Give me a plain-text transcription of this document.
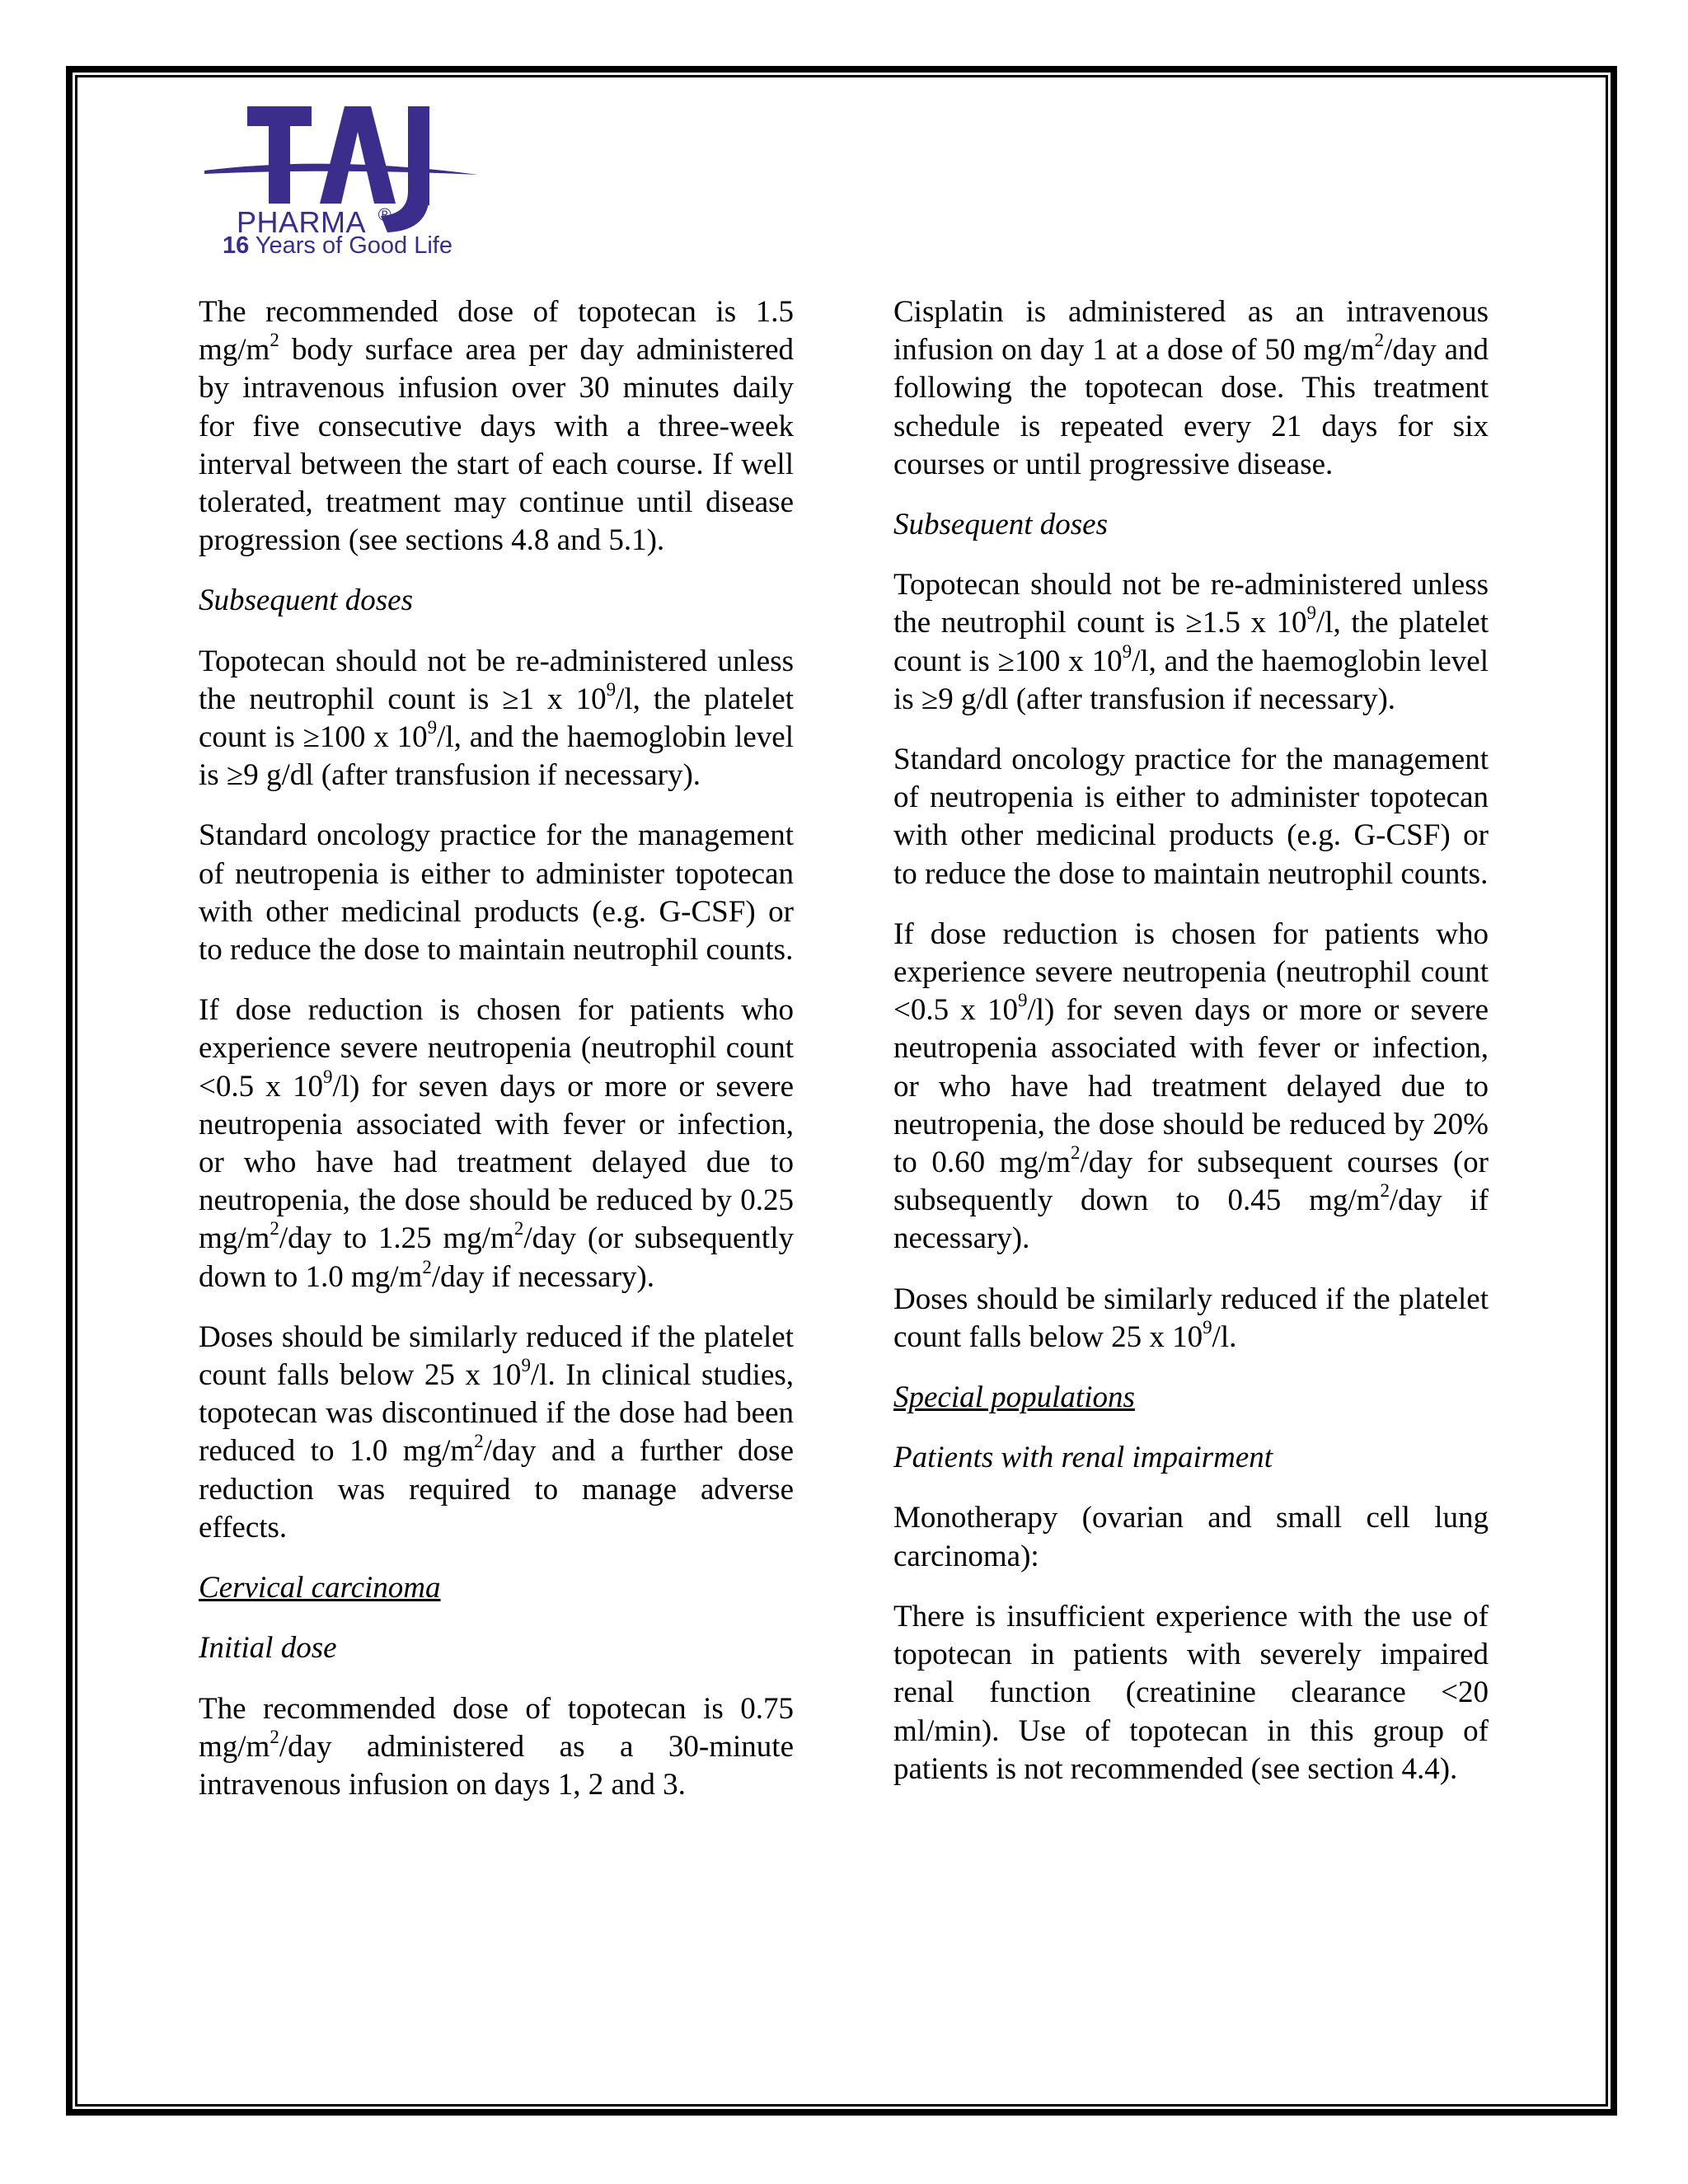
TAJ
PHARMA ®
16 Years of Good Life

The recommended dose of topotecan is 1.5 $mg/m^2$ body surface area per day administered by intravenous infusion over 30 minutes daily for five consecutive days with a three-week interval between the start of each course. If well tolerated, treatment may continue until disease progression (see sections 4.8 and 5.1).

Subsequent doses

Topotecan should not be re-administered unless the neutrophil count is ≥1 x $10^9/l$, the platelet count is ≥100 x $10^9/l$, and the haemoglobin level is ≥9 g/dl (after transfusion if necessary).

Standard oncology practice for the management of neutropenia is either to administer topotecan with other medicinal products (e.g. G-CSF) or to reduce the dose to maintain neutrophil counts.

If dose reduction is chosen for patients who experience severe neutropenia (neutrophil count <0.5 x $10^9/l$) for seven days or more or severe neutropenia associated with fever or infection, or who have had treatment delayed due to neutropenia, the dose should be reduced by 0.25 $mg/m^2$/day to 1.25 $mg/m^2$/day (or subsequently down to 1.0 $mg/m^2$/day if necessary).

Doses should be similarly reduced if the platelet count falls below 25 x $10^9/l$. In clinical studies, topotecan was discontinued if the dose had been reduced to 1.0 $mg/m^2$/day and a further dose reduction was required to manage adverse effects.

Cervical carcinoma

Initial dose

The recommended dose of topotecan is 0.75 $mg/m^2$/day administered as a 30-minute intravenous infusion on days 1, 2 and 3.

Cisplatin is administered as an intravenous infusion on day 1 at a dose of 50 $mg/m^2$/day and following the topotecan dose. This treatment schedule is repeated every 21 days for six courses or until progressive disease.

Subsequent doses

Topotecan should not be re-administered unless the neutrophil count is ≥1.5 x $10^9/l$, the platelet count is ≥100 x $10^9/l$, and the haemoglobin level is ≥9 g/dl (after transfusion if necessary).

Standard oncology practice for the management of neutropenia is either to administer topotecan with other medicinal products (e.g. G-CSF) or to reduce the dose to maintain neutrophil counts.

If dose reduction is chosen for patients who experience severe neutropenia (neutrophil count <0.5 x $10^9/l$) for seven days or more or severe neutropenia associated with fever or infection, or who have had treatment delayed due to neutropenia, the dose should be reduced by 20% to 0.60 $mg/m^2$/day for subsequent courses (or subsequently down to 0.45 $mg/m^2$/day if necessary).

Doses should be similarly reduced if the platelet count falls below 25 x $10^9/l$.

Special populations

Patients with renal impairment

Monotherapy (ovarian and small cell lung carcinoma):

There is insufficient experience with the use of topotecan in patients with severely impaired renal function (creatinine clearance <20 ml/min). Use of topotecan in this group of patients is not recommended (see section 4.4).
